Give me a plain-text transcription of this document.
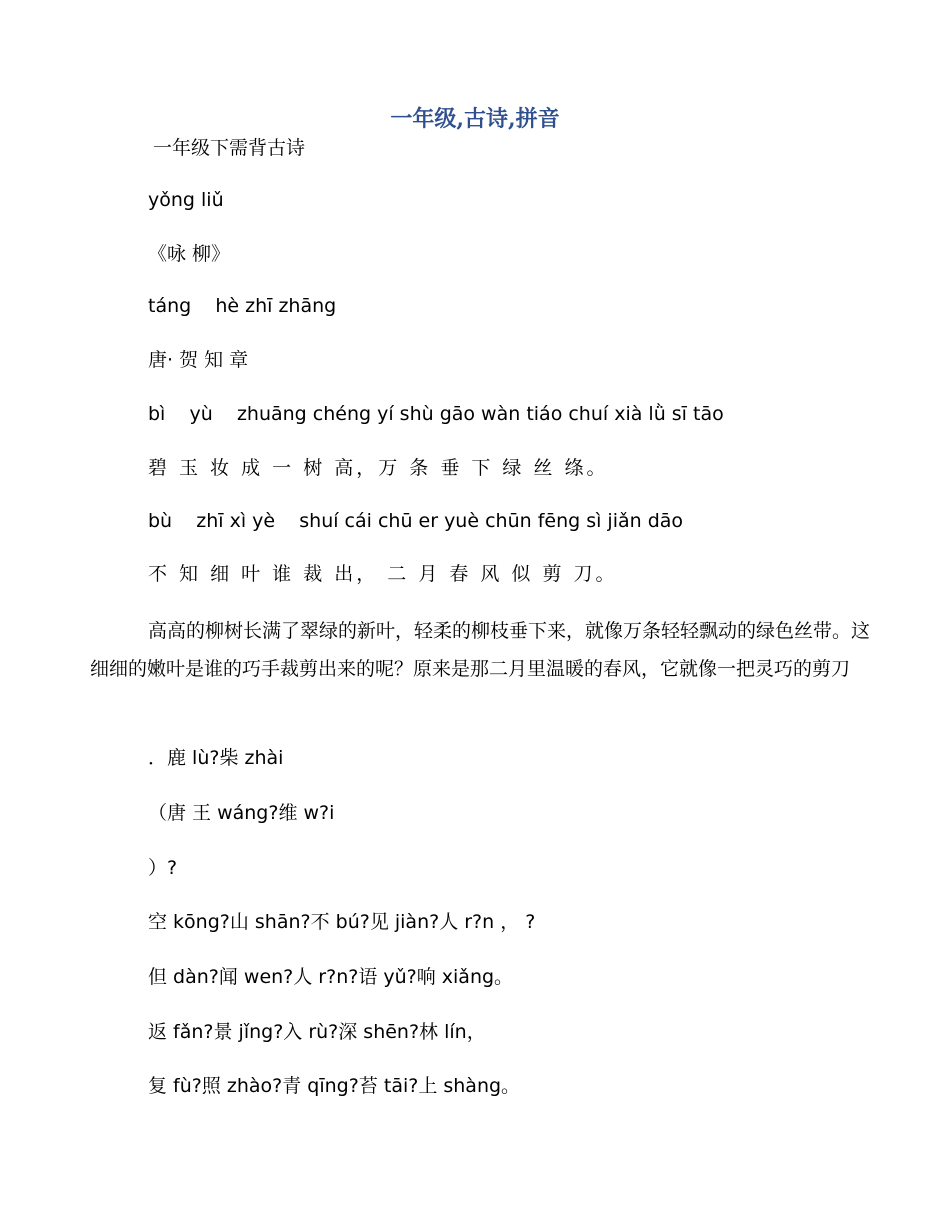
一年级,古诗,拼音
一年级下需背古诗
yǒng liǔ
《咏 柳》
táng    hè zhī zhāng
唐· 贺 知 章
bì    yù    zhuāng chéng yí shù gāo wàn tiáo chuí xià lǜ sī tāo
碧 玉 妆 成 一 树 高，万 条 垂 下 绿 丝 绦。
bù    zhī xì yè    shuí cái chū er yuè chūn fēng sì jiǎn dāo
不 知 细 叶 谁 裁 出， 二 月 春 风 似 剪 刀。
高高的柳树长满了翠绿的新叶，轻柔的柳枝垂下来，就像万条轻轻飘动的绿色丝带。这细细的嫩叶是谁的巧手裁剪出来的呢？原来是那二月里温暖的春风，它就像一把灵巧的剪刀
．鹿 lù?柴 zhài
（唐 王 wáng?维 w?i
）?
空 kōng?山 shān?不 bú?见 jiàn?人 r?n ， ?
但 dàn?闻 wen?人 r?n?语 yǔ?响 xiǎng。
返 fǎn?景 jǐng?入 rù?深 shēn?林 lín，
复 fù?照 zhào?青 qīng?苔 tāi?上 shàng。
